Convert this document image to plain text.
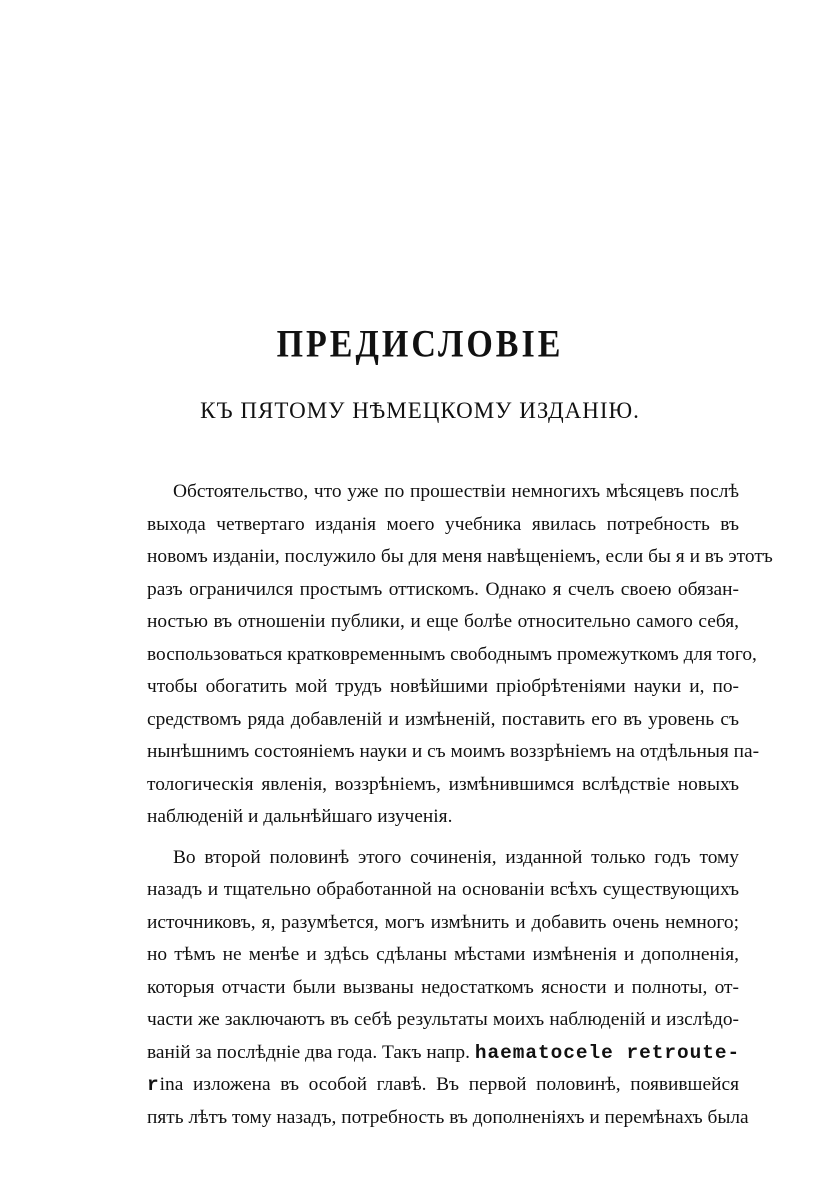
ПРЕДИСЛОВІЕ
КЪ ПЯТОМУ НѢМЕЦКОМУ ИЗДАНІЮ.
Обстоятельство, что уже по прошествіи немногихъ мѣсяцевъ послѣ
выхода четвертаго изданія моего учебника явилась потребность въ
новомъ изданіи, послужило бы для меня навѣщеніемъ, если бы я и въ этотъ
разъ ограничился простымъ оттискомъ. Однако я счелъ своею обязан-
ностью въ отношеніи публики, и еще болѣе относительно самого себя,
воспользоваться кратковременнымъ свободнымъ промежуткомъ для того,
чтобы обогатить мой трудъ новѣйшими пріобрѣтеніями науки и, по-
средствомъ ряда добавленій и измѣненій, поставить его въ уровень съ
нынѣшнимъ состояніемъ науки и съ моимъ воззрѣніемъ на отдѣльныя па-
тологическія явленія, воззрѣніемъ, измѣнившимся вслѣдствіе новыхъ
наблюденій и дальнѣйшаго изученія.
Во второй половинѣ этого сочиненія, изданной только годъ тому
назадъ и тщательно обработанной на основаніи всѣхъ существующихъ
источниковъ, я, разумѣется, могъ измѣнить и добавить очень немного;
но тѣмъ не менѣе и здѣсь сдѣланы мѣстами измѣненія и дополненія,
которыя отчасти были вызваны недостаткомъ ясности и полноты, от-
части же заключаютъ въ себѣ результаты моихъ наблюденій и изслѣдо-
ваній за послѣдніе два года. Такъ напр. haematocele retroute-
rina изложена въ особой главѣ. Въ первой половинѣ, появившейся
пять лѣтъ тому назадъ, потребность въ дополненіяхъ и перемѣнахъ была
